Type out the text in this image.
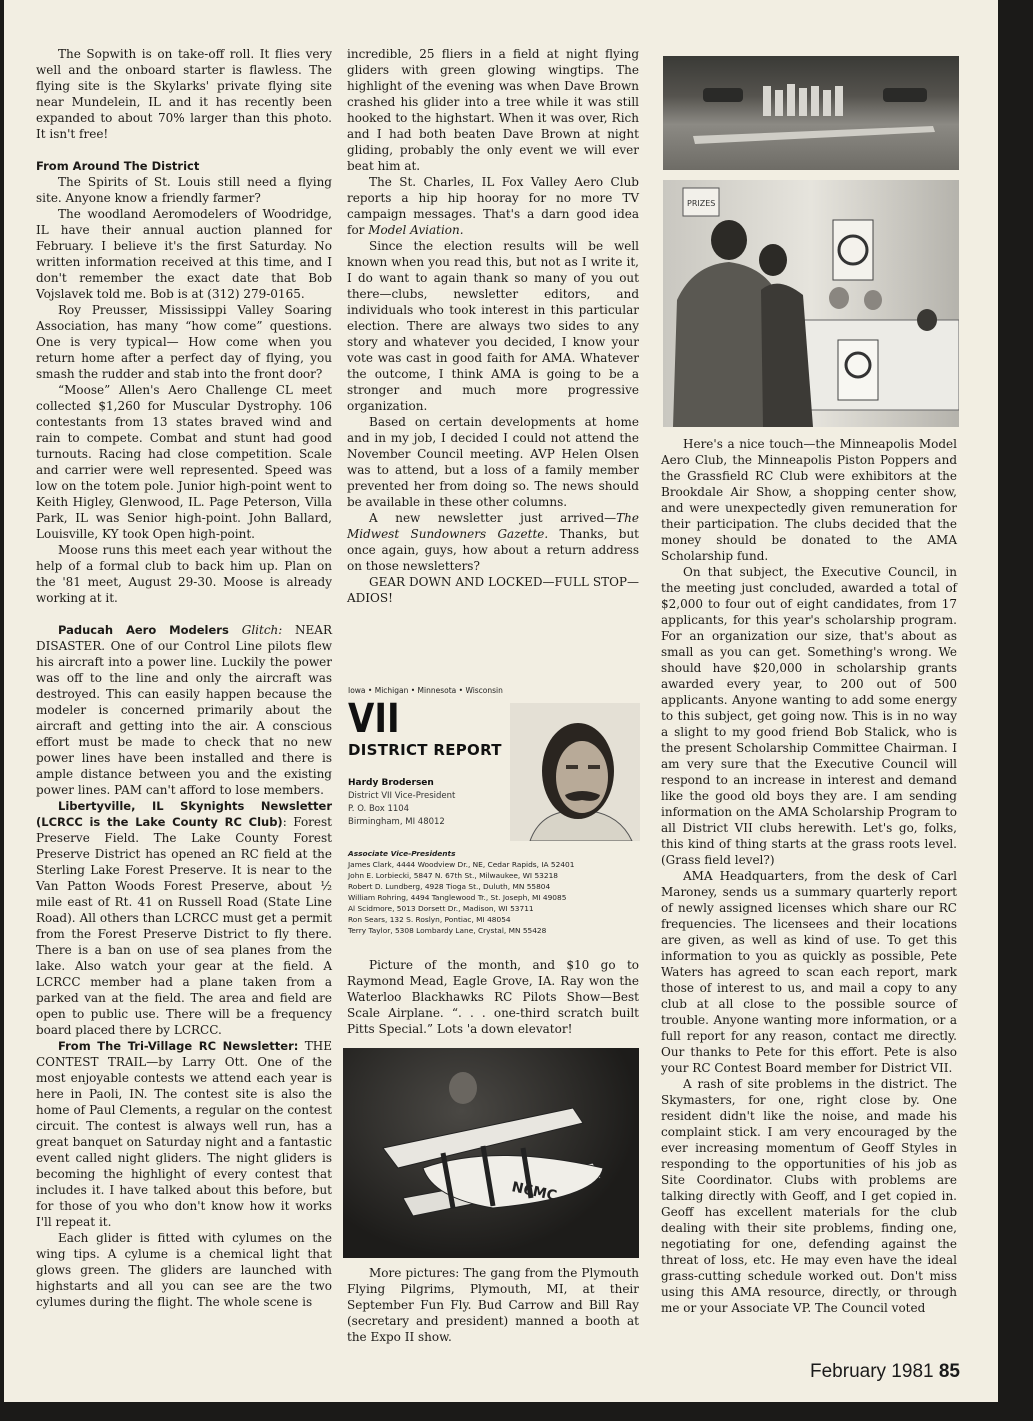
The Sopwith is on take-off roll. It flies very well and the onboard starter is flawless. The flying site is the Skylarks' private flying site near Mundelein, IL and it has recently been expanded to about 70% larger than this photo. It isn't free!

From Around The District

The Spirits of St. Louis still need a flying site. Anyone know a friendly farmer?

The woodland Aeromodelers of Woodridge, IL have their annual auction planned for February. I believe it's the first Saturday. No written information received at this time, and I don't remember the exact date that Bob Vojslavek told me. Bob is at (312) 279-0165.

Roy Preusser, Mississippi Valley Soaring Association, has many “how come” questions. One is very typical— How come when you return home after a perfect day of flying, you smash the rudder and stab into the front door?

“Moose” Allen's Aero Challenge CL meet collected $1,260 for Muscular Dystrophy. 106 contestants from 13 states braved wind and rain to compete. Combat and stunt had good turnouts. Racing had close competition. Scale and carrier were well represented. Speed was low on the totem pole. Junior high-point went to Keith Higley, Glenwood, IL. Page Peterson, Villa Park, IL was Senior high-point. John Ballard, Louisville, KY took Open high-point.

Moose runs this meet each year without the help of a formal club to back him up. Plan on the '81 meet, August 29-30. Moose is already working at it.

Paducah Aero Modelers Glitch: NEAR DISASTER. One of our Control Line pilots flew his aircraft into a power line. Luckily the power was off to the line and only the aircraft was destroyed. This can easily happen because the modeler is concerned primarily about the aircraft and getting into the air. A conscious effort must be made to check that no new power lines have been installed and there is ample distance between you and the existing power lines. PAM can't afford to lose members.

Libertyville, IL Skynights Newsletter (LCRCC is the Lake County RC Club): Forest Preserve Field. The Lake County Forest Preserve District has opened an RC field at the Sterling Lake Forest Preserve. It is near to the Van Patton Woods Forest Preserve, about ½ mile east of Rt. 41 on Russell Road (State Line Road). All others than LCRCC must get a permit from the Forest Preserve District to fly there. There is a ban on use of sea planes from the lake. Also watch your gear at the field. A LCRCC member had a plane taken from a parked van at the field. The area and field are open to public use. There will be a frequency board placed there by LCRCC.

From The Tri-Village RC Newsletter: THE CONTEST TRAIL—by Larry Ott. One of the most enjoyable contests we attend each year is here in Paoli, IN. The contest site is also the home of Paul Clements, a regular on the contest circuit. The contest is always well run, has a great banquet on Saturday night and a fantastic event called night gliders. The night gliders is becoming the highlight of every contest that includes it. I have talked about this before, but for those of you who don't know how it works I'll repeat it.

Each glider is fitted with cylumes on the wing tips. A cylume is a chemical light that glows green. The gliders are launched with highstarts and all you can see are the two cylumes during the flight. The whole scene is

incredible, 25 fliers in a field at night flying gliders with green glowing wingtips. The highlight of the evening was when Dave Brown crashed his glider into a tree while it was still hooked to the highstart. When it was over, Rich and I had both beaten Dave Brown at night gliding, probably the only event we will ever beat him at.

The St. Charles, IL Fox Valley Aero Club reports a hip hip hooray for no more TV campaign messages. That's a darn good idea for Model Aviation.

Since the election results will be well known when you read this, but not as I write it, I do want to again thank so many of you out there—clubs, newsletter editors, and individuals who took interest in this particular election. There are always two sides to any story and whatever you decided, I know your vote was cast in good faith for AMA. Whatever the outcome, I think AMA is going to be a stronger and much more progressive organization.

Based on certain developments at home and in my job, I decided I could not attend the November Council meeting. AVP Helen Olsen was to attend, but a loss of a family member prevented her from doing so. The news should be available in these other columns.

A new newsletter just arrived—The Midwest Sundowners Gazette. Thanks, but once again, guys, how about a return address on those newsletters?

GEAR DOWN AND LOCKED—FULL STOP—ADIOS!

Iowa • Michigan • Minnesota • Wisconsin
VII
DISTRICT REPORT
Hardy Brodersen
District VII Vice-President
P. O. Box 1104
Birmingham, MI 48012
Associate Vice-Presidents
James Clark, 4444 Woodview Dr., NE, Cedar Rapids, IA 52401
John E. Lorbiecki, 5847 N. 67th St., Milwaukee, WI 53218
Robert D. Lundberg, 4928 Tioga St., Duluth, MN 55804
William Rohring, 4494 Tanglewood Tr., St. Joseph, MI 49085
Al Scidmore, 5013 Dorsett Dr., Madison, WI 53711
Ron Sears, 132 S. Roslyn, Pontiac, MI 48054
Terry Taylor, 5308 Lombardy Lane, Crystal, MN 55428

Picture of the month, and $10 go to Raymond Mead, Eagle Grove, IA. Ray won the Waterloo Blackhawks RC Pilots Show—Best Scale Airplane. “. . . one-third scratch built Pitts Special.” Lots 'a down elevator!

N6MC

More pictures: The gang from the Plymouth Flying Pilgrims, Plymouth, MI, at their September Fun Fly. Bud Carrow and Bill Ray (secretary and president) manned a booth at the Expo II show.

PRIZES

Here's a nice touch—the Minneapolis Model Aero Club, the Minneapolis Piston Poppers and the Grassfield RC Club were exhibitors at the Brookdale Air Show, a shopping center show, and were unexpectedly given remuneration for their participation. The clubs decided that the money should be donated to the AMA Scholarship fund.

On that subject, the Executive Council, in the meeting just concluded, awarded a total of $2,000 to four out of eight candidates, from 17 applicants, for this year's scholarship program. For an organization our size, that's about as small as you can get. Something's wrong. We should have $20,000 in scholarship grants awarded every year, to 200 out of 500 applicants. Anyone wanting to add some energy to this subject, get going now. This is in no way a slight to my good friend Bob Stalick, who is the present Scholarship Committee Chairman. I am very sure that the Executive Council will respond to an increase in interest and demand like the good old boys they are. I am sending information on the AMA Scholarship Program to all District VII clubs herewith. Let's go, folks, this kind of thing starts at the grass roots level. (Grass field level?)

AMA Headquarters, from the desk of Carl Maroney, sends us a summary quarterly report of newly assigned licenses which share our RC frequencies. The licensees and their locations are given, as well as kind of use. To get this information to you as quickly as possible, Pete Waters has agreed to scan each report, mark those of interest to us, and mail a copy to any club at all close to the possible source of trouble. Anyone wanting more information, or a full report for any reason, contact me directly. Our thanks to Pete for this effort. Pete is also your RC Contest Board member for District VII.

A rash of site problems in the district. The Skymasters, for one, right close by. One resident didn't like the noise, and made his complaint stick. I am very encouraged by the ever increasing momentum of Geoff Styles in responding to the opportunities of his job as Site Coordinator. Clubs with problems are talking directly with Geoff, and I get copied in. Geoff has excellent materials for the club dealing with their site problems, finding one, negotiating for one, defending against the threat of loss, etc. He may even have the ideal grass-cutting schedule worked out. Don't miss using this AMA resource, directly, or through me or your Associate VP. The Council voted

February 1981 85
